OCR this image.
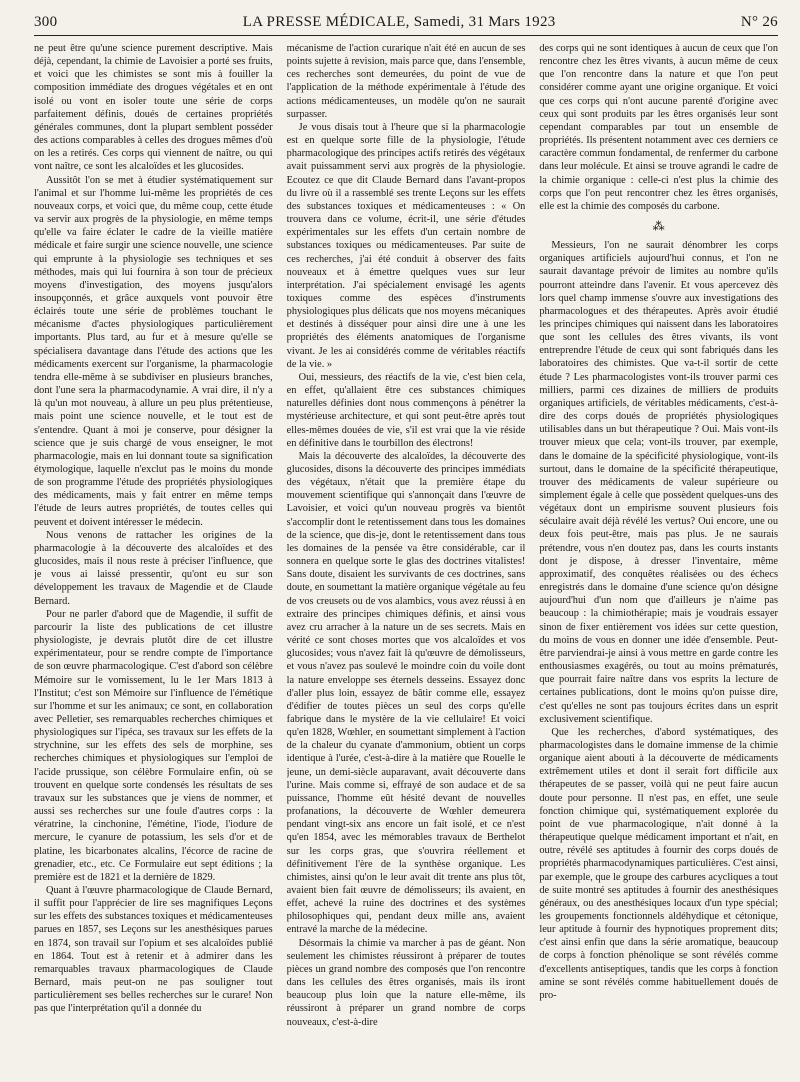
300	LA PRESSE MÉDICALE, Samedi, 31 Mars 1923	N° 26

ne peut être qu'une science purement descriptive. Mais déjà, cependant, la chimie de Lavoisier a porté ses fruits, et voici que les chimistes se sont mis à fouiller la composition immédiate des drogues végétales et en ont isolé ou vont en isoler toute une série de corps parfaitement définis, doués de certaines propriétés générales communes, dont la plupart semblent posséder des actions comparables à celles des drogues mêmes d'où on les a retirés. Ces corps qui viennent de naître, ou qui vont naître, ce sont les alcaloïdes et les glucosides.

Aussitôt l'on se met à étudier systématiquement sur l'animal et sur l'homme lui-même les propriétés de ces nouveaux corps, et voici que, du même coup, cette étude va servir aux progrès de la physiologie, en même temps qu'elle va faire éclater le cadre de la vieille matière médicale et faire surgir une science nouvelle, une science qui emprunte à la physiologie ses techniques et ses méthodes, mais qui lui fournira à son tour de précieux moyens d'investigation, des moyens jusqu'alors insoupçonnés, et grâce auxquels vont pouvoir être éclairés toute une série de problèmes touchant le mécanisme d'actes physiologiques particulièrement importants. Plus tard, au fur et à mesure qu'elle se spécialisera davantage dans l'étude des actions que les médicaments exercent sur l'organisme, la pharmacologie tendra elle-même à se subdiviser en plusieurs branches, dont l'une sera la pharmacodynamie. A vrai dire, il n'y a là qu'un mot nouveau, à allure un peu plus prétentieuse, mais point une science nouvelle, et le tout est de s'entendre. Quant à moi je conserve, pour désigner la science que je suis chargé de vous enseigner, le mot pharmacologie, mais en lui donnant toute sa signification étymologique, laquelle n'exclut pas le moins du monde de son programme l'étude des propriétés physiologiques des médicaments, mais y fait entrer en même temps l'étude de leurs autres propriétés, de toutes celles qui peuvent et doivent intéresser le médecin.

Nous venons de rattacher les origines de la pharmacologie à la découverte des alcaloïdes et des glucosides, mais il nous reste à préciser l'influence, que je vous ai laissé pressentir, qu'ont eu sur son développement les travaux de Magendie et de Claude Bernard.

Pour ne parler d'abord que de Magendie, il suffit de parcourir la liste des publications de cet illustre physiologiste, je devrais plutôt dire de cet illustre expérimentateur, pour se rendre compte de l'importance de son œuvre pharmacologique. C'est d'abord son célèbre Mémoire sur le vomissement, lu le 1er Mars 1813 à l'Institut; c'est son Mémoire sur l'influence de l'émétique sur l'homme et sur les animaux; ce sont, en collaboration avec Pelletier, ses remarquables recherches chimiques et physiologiques sur l'ipéca, ses travaux sur les effets de la strychnine, sur les effets des sels de morphine, ses recherches chimiques et physiologiques sur l'emploi de l'acide prussique, son célèbre Formulaire enfin, où se trouvent en quelque sorte condensés les résultats de ses travaux sur les substances que je viens de nommer, et aussi ses recherches sur une foule d'autres corps : la vératrine, la cinchonine, l'émétine, l'iode, l'iodure de mercure, le cyanure de potassium, les sels d'or et de platine, les bicarbonates alcalins, l'écorce de racine de grenadier, etc., etc. Ce Formulaire eut sept éditions ; la première est de 1821 et la dernière de 1829.

Quant à l'œuvre pharmacologique de Claude Bernard, il suffit pour l'apprécier de lire ses magnifiques Leçons sur les effets des substances toxiques et médicamenteuses parues en 1857, ses Leçons sur les anesthésiques parues en 1874, son travail sur l'opium et ses alcaloïdes publié en 1864. Tout est à retenir et à admirer dans les remarquables travaux pharmacologiques de Claude Bernard, mais peut-on ne pas souligner tout particulièrement ses belles recherches sur le curare! Non pas que l'interprétation qu'il a donnée du

mécanisme de l'action curarique n'ait été en aucun de ses points sujette à revision, mais parce que, dans l'ensemble, ces recherches sont demeurées, du point de vue de l'application de la méthode expérimentale à l'étude des actions médicamenteuses, un modèle qu'on ne saurait surpasser.

Je vous disais tout à l'heure que si la pharmacologie est en quelque sorte fille de la physiologie, l'étude pharmacologique des principes actifs retirés des végétaux avait puissamment servi aux progrès de la physiologie. Ecoutez ce que dit Claude Bernard dans l'avant-propos du livre où il a rassemblé ses trente Leçons sur les effets des substances toxiques et médicamenteuses : « On trouvera dans ce volume, écrit-il, une série d'études expérimentales sur les effets d'un certain nombre de substances toxiques ou médicamenteuses. Par suite de ces recherches, j'ai été conduit à observer des faits nouveaux et à émettre quelques vues sur leur interprétation. J'ai spécialement envisagé les agents toxiques comme des espèces d'instruments physiologiques plus délicats que nos moyens mécaniques et destinés à disséquer pour ainsi dire une à une les propriétés des éléments anatomiques de l'organisme vivant. Je les ai considérés comme de véritables réactifs de la vie. »

Oui, messieurs, des réactifs de la vie, c'est bien cela, en effet, qu'allaient être ces substances chimiques naturelles définies dont nous commençons à pénétrer la mystérieuse architecture, et qui sont peut-être après tout elles-mêmes douées de vie, s'il est vrai que la vie réside en définitive dans le tourbillon des électrons!

Mais la découverte des alcaloïdes, la découverte des glucosides, disons la découverte des principes immédiats des végétaux, n'était que la première étape du mouvement scientifique qui s'annonçait dans l'œuvre de Lavoisier, et voici qu'un nouveau progrès va bientôt s'accomplir dont le retentissement dans tous les domaines de la science, que dis-je, dont le retentissement dans tous les domaines de la pensée va être considérable, car il sonnera en quelque sorte le glas des doctrines vitalistes! Sans doute, disaient les survivants de ces doctrines, sans doute, en soumettant la matière organique végétale au feu de vos creusets ou de vos alambics, vous avez réussi à en extraire des principes chimiques définis, et ainsi vous avez cru arracher à la nature un de ses secrets. Mais en vérité ce sont choses mortes que vos alcaloïdes et vos glucosides; vous n'avez fait là qu'œuvre de démolisseurs, et vous n'avez pas soulevé le moindre coin du voile dont la nature enveloppe ses éternels desseins. Essayez donc d'aller plus loin, essayez de bâtir comme elle, essayez d'édifier de toutes pièces un seul des corps qu'elle fabrique dans le mystère de la vie cellulaire! Et voici qu'en 1828, Wœhler, en soumettant simplement à l'action de la chaleur du cyanate d'ammonium, obtient un corps identique à l'urée, c'est-à-dire à la matière que Rouelle le jeune, un demi-siècle auparavant, avait découverte dans l'urine. Mais comme si, effrayé de son audace et de sa puissance, l'homme eût hésité devant de nouvelles profanations, la découverte de Wœhler demeurera pendant vingt-six ans encore un fait isolé, et ce n'est qu'en 1854, avec les mémorables travaux de Berthelot sur les corps gras, que s'ouvrira réellement et définitivement l'ère de la synthèse organique. Les chimistes, ainsi qu'on le leur avait dit trente ans plus tôt, avaient bien fait œuvre de démolisseurs; ils avaient, en effet, achevé la ruine des doctrines et des systèmes philosophiques qui, pendant deux mille ans, avaient entravé la marche de la médecine.

Désormais la chimie va marcher à pas de géant. Non seulement les chimistes réussiront à préparer de toutes pièces un grand nombre des composés que l'on rencontre dans les cellules des êtres organisés, mais ils iront beaucoup plus loin que la nature elle-même, ils réussiront à préparer un grand nombre de corps nouveaux, c'est-à-dire

des corps qui ne sont identiques à aucun de ceux que l'on rencontre chez les êtres vivants, à aucun même de ceux que l'on rencontre dans la nature et que l'on peut considérer comme ayant une origine organique. Et voici que ces corps qui n'ont aucune parenté d'origine avec ceux qui sont produits par les êtres organisés leur sont cependant comparables par tout un ensemble de propriétés. Ils présentent notamment avec ces derniers ce caractère commun fondamental, de renfermer du carbone dans leur molécule. Et ainsi se trouve agrandi le cadre de la chimie organique : celle-ci n'est plus la chimie des corps que l'on peut rencontrer chez les êtres organisés, elle est la chimie des composés du carbone.

⁂

Messieurs, l'on ne saurait dénombrer les corps organiques artificiels aujourd'hui connus, et l'on ne saurait davantage prévoir de limites au nombre qu'ils pourront atteindre dans l'avenir. Et vous apercevez dès lors quel champ immense s'ouvre aux investigations des pharmacologues et des thérapeutes. Après avoir étudié les principes chimiques qui naissent dans les laboratoires que sont les cellules des êtres vivants, ils vont entreprendre l'étude de ceux qui sont fabriqués dans les laboratoires des chimistes. Que va-t-il sortir de cette étude ? Les pharmacologistes vont-ils trouver parmi ces milliers, parmi ces dizaines de milliers de produits organiques artificiels, de véritables médicaments, c'est-à-dire des corps doués de propriétés physiologiques utilisables dans un but thérapeutique ? Oui. Mais vont-ils trouver mieux que cela; vont-ils trouver, par exemple, dans le domaine de la spécificité physiologique, vont-ils surtout, dans le domaine de la spécificité thérapeutique, trouver des médicaments de valeur supérieure ou simplement égale à celle que possèdent quelques-uns des végétaux dont un empirisme souvent plusieurs fois séculaire avait déjà révélé les vertus? Oui encore, une ou deux fois peut-être, mais pas plus. Je ne saurais prétendre, vous n'en doutez pas, dans les courts instants dont je dispose, à dresser l'inventaire, même approximatif, des conquêtes réalisées ou des échecs enregistrés dans le domaine d'une science qu'on désigne aujourd'hui d'un nom que d'ailleurs je n'aime pas beaucoup : la chimiothérapie; mais je voudrais essayer sinon de fixer entièrement vos idées sur cette question, du moins de vous en donner une idée d'ensemble. Peut-être parviendrai-je ainsi à vous mettre en garde contre les enthousiasmes exagérés, ou tout au moins prématurés, que pourrait faire naître dans vos esprits la lecture de certaines publications, dont le moins qu'on puisse dire, c'est qu'elles ne sont pas toujours écrites dans un esprit exclusivement scientifique.

Que les recherches, d'abord systématiques, des pharmacologistes dans le domaine immense de la chimie organique aient abouti à la découverte de médicaments extrêmement utiles et dont il serait fort difficile aux thérapeutes de se passer, voilà qui ne peut faire aucun doute pour personne. Il n'est pas, en effet, une seule fonction chimique qui, systématiquement explorée du point de vue pharmacologique, n'ait donné à la thérapeutique quelque médicament important et n'ait, en outre, révélé ses aptitudes à fournir des corps doués de propriétés pharmacodynamiques particulières. C'est ainsi, par exemple, que le groupe des carbures acycliques a tout de suite montré ses aptitudes à fournir des anesthésiques généraux, ou des anesthésiques locaux d'un type spécial; les groupements fonctionnels aldéhydique et cétonique, leur aptitude à fournir des hypnotiques proprement dits; c'est ainsi enfin que dans la série aromatique, beaucoup de corps à fonction phénolique se sont révélés comme d'excellents antiseptiques, tandis que les corps à fonction amine se sont révélés comme habituellement doués de pro-
